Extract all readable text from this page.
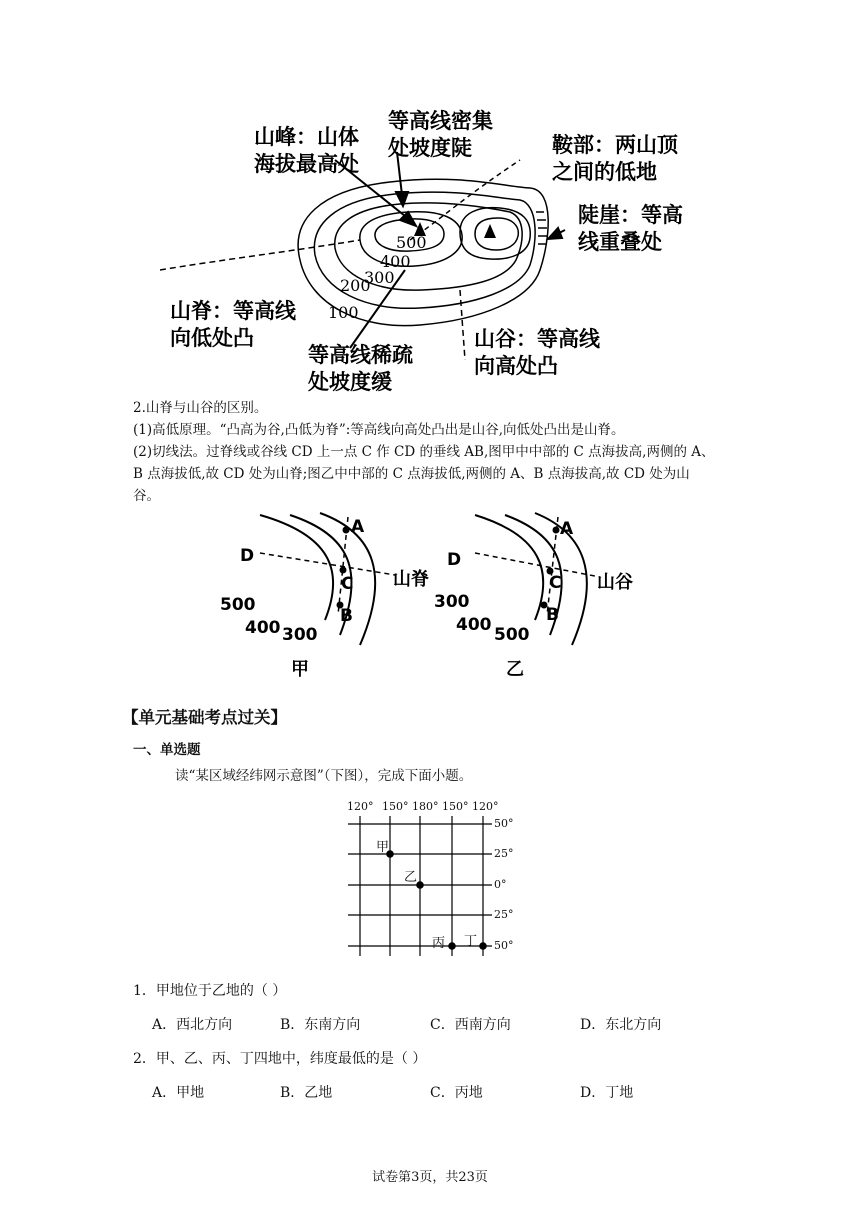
500
400
300
200
100
山峰：山体
海拔最高处
等高线密集
处坡度陡	鞍部：两山顶
之间的低地
陡崖：等高
线重叠处
山脊：等高线
向低处凸
等高线稀疏
处坡度缓
山谷：等高线
向高处凸
2.山脊与山谷的区别。
(1)高低原理。“凸高为谷,凸低为脊”:等高线向高处凸出是山谷,向低处凸出是山脊。
(2)切线法。过脊线或谷线 CD 上一点 C 作 CD 的垂线 AB,图甲中中部的 C 点海拔高,两侧的 A、
B 点海拔低,故 CD 处为山脊;图乙中中部的 C 点海拔低,两侧的 A、B 点海拔高,故 CD 处为山
谷。
A
D
C
B
山脊
500
400 300
甲
A
D
C
B
山谷
300
400 500
乙
【单元基础考点过关】
一、单选题
读“某区域经纬网示意图”（下图），完成下面小题。
120° 150° 180° 150° 120°
50°
25°
0°
25°
50°
甲
乙
丙 丁
1．甲地位于乙地的（ ）
A．西北方向	B．东南方向	C．西南方向	D．东北方向
2．甲、乙、丙、丁四地中，纬度最低的是（ ）
A．甲地	B．乙地	C．丙地	D．丁地
试卷第3页，共23页
